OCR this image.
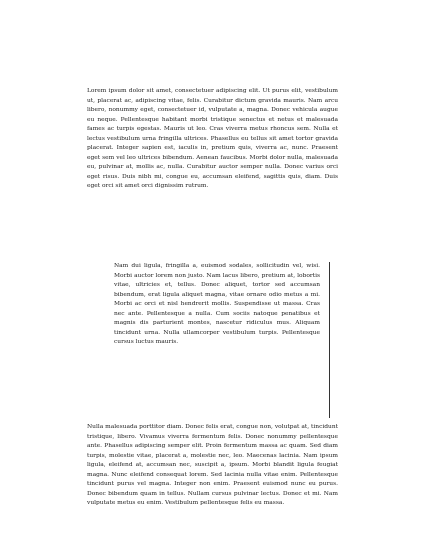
Lorem ipsum dolor sit amet, consectetuer adipiscing elit. Ut purus elit, vestibulum ut, placerat ac, adipiscing vitae, felis. Curabitur dictum gravida mauris. Nam arcu libero, nonummy eget, consectetuer id, vulputate a, magna. Donec vehicula augue eu neque. Pellentesque habitant morbi tristique senectus et netus et malesuada fames ac turpis egestas. Mauris ut leo. Cras viverra metus rhoncus sem. Nulla et lectus vestibulum urna fringilla ultrices. Phasellus eu tellus sit amet tortor gravida placerat. Integer sapien est, iaculis in, pretium quis, viverra ac, nunc. Praesent eget sem vel leo ultrices bibendum. Aenean faucibus. Morbi dolor nulla, malesuada eu, pulvinar at, mollis ac, nulla. Curabitur auctor semper nulla. Donec varius orci eget risus. Duis nibh mi, congue eu, accumsan eleifend, sagittis quis, diam. Duis eget orci sit amet orci dignissim rutrum.

Nam dui ligula, fringilla a, euismod sodales, sollicitudin vel, wisi. Morbi auctor lorem non justo. Nam lacus libero, pretium at, lobortis vitae, ultricies et, tellus. Donec aliquet, tortor sed accumsan bibendum, erat ligula aliquet magna, vitae ornare odio metus a mi. Morbi ac orci et nisl hendrerit mollis. Suspendisse ut massa. Cras nec ante. Pellentesque a nulla. Cum sociis natoque penatibus et magnis dis parturient montes, nascetur ridiculus mus. Aliquam tincidunt urna. Nulla ullamcorper vestibulum turpis. Pellentesque cursus luctus mauris.

Nulla malesuada porttitor diam. Donec felis erat, congue non, volutpat at, tincidunt tristique, libero. Vivamus viverra fermentum felis. Donec nonummy pellentesque ante. Phasellus adipiscing semper elit. Proin fermentum massa ac quam. Sed diam turpis, molestie vitae, placerat a, molestie nec, leo. Maecenas lacinia. Nam ipsum ligula, eleifend at, accumsan nec, suscipit a, ipsum. Morbi blandit ligula feugiat magna. Nunc eleifend consequat lorem. Sed lacinia nulla vitae enim. Pellentesque tincidunt purus vel magna. Integer non enim. Praesent euismod nunc eu purus. Donec bibendum quam in tellus. Nullam cursus pulvinar lectus. Donec et mi. Nam vulputate metus eu enim. Vestibulum pellentesque felis eu massa.
